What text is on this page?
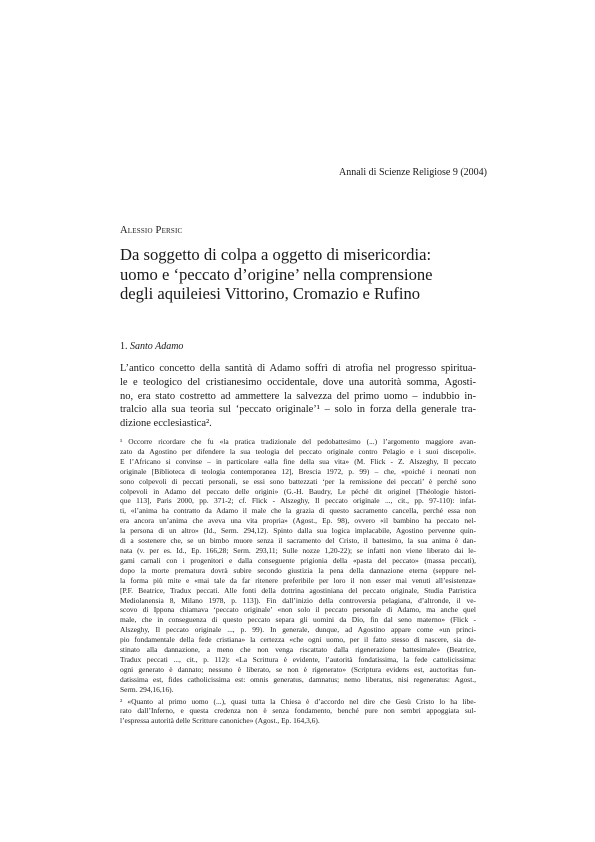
Annali di Scienze Religiose 9 (2004)
Alessio Persic
Da soggetto di colpa a oggetto di misericordia:
uomo e ‘peccato d’origine’ nella comprensione
degli aquileiesi Vittorino, Cromazio e Rufino
1. Santo Adamo
L’antico concetto della santità di Adamo soffrì di atrofia nel progresso spiritua-
le e teologico del cristianesimo occidentale, dove una autorità somma, Agosti-
no, era stato costretto ad ammettere la salvezza del primo uomo – indubbio in-
tralcio alla sua teoria sul ‘peccato originale’¹ – solo in forza della generale tra-
dizione ecclesiastica².
¹ Occorre ricordare che fu «la pratica tradizionale del pedobattesimo (...) l’argomento maggiore avan-
zato da Agostino per difendere la sua teologia del peccato originale contro Pelagio e i suoi discepoli».
E l’Africano si convinse – in particolare «alla fine della sua vita» (M. Flick - Z. Alszeghy, Il peccato
originale [Biblioteca di teologia contemporanea 12], Brescia 1972, p. 99) – che, «poiché i neonati non
sono colpevoli di peccati personali, se essi sono battezzati ‘per la remissione dei peccati’ è perché sono
colpevoli in Adamo del peccato delle origini» (G.-H. Baudry, Le péché dit originel [Théologie histori-
que 113], Paris 2000, pp. 371-2; cf. Flick - Alszeghy, Il peccato originale ..., cit., pp. 97-110): infat-
ti, «l’anima ha contratto da Adamo il male che la grazia di questo sacramento cancella, perché essa non
era ancora un’anima che aveva una vita propria» (Agost., Ep. 98), ovvero «il bambino ha peccato nel-
la persona di un altro» (Id., Serm. 294,12). Spinto dalla sua logica implacabile, Agostino pervenne quin-
di a sostenere che, se un bimbo muore senza il sacramento del Cristo, il battesimo, la sua anima è dan-
nata (v. per es. Id., Ep. 166,28; Serm. 293,11; Sulle nozze 1,20-22); se infatti non viene liberato dai le-
gami carnali con i progenitori e dalla conseguente prigionia della «pasta del peccato» (massa peccati),
dopo la morte prematura dovrà subire secondo giustizia la pena della dannazione eterna (seppure nel-
la forma più mite e «mai tale da far ritenere preferibile per loro il non esser mai venuti all’esistenza»
[P.F. Beatrice, Tradux peccati. Alle fonti della dottrina agostiniana del peccato originale, Studia Patristica
Mediolanensia 8, Milano 1978, p. 113]). Fin dall’inizio della controversia pelagiana, d’altronde, il ve-
scovo di Ippona chiamava ‘peccato originale’ «non solo il peccato personale di Adamo, ma anche quel
male, che in conseguenza di questo peccato separa gli uomini da Dio, fin dal seno materno» (Flick -
Alszeghy, Il peccato originale ..., p. 99). In generale, dunque, ad Agostino appare come «un princi-
pio fondamentale della fede cristiana» la certezza «che ogni uomo, per il fatto stesso di nascere, sia de-
stinato alla dannazione, a meno che non venga riscattato dalla rigenerazione battesimale» (Beatrice,
Tradux peccati ..., cit., p. 112): «La Scrittura è evidente, l’autorità fondatissima, la fede cattolicissima:
ogni generato è dannato; nessuno è liberato, se non è rigenerato» (Scriptura evidens est, auctoritas fun-
datissima est, fides catholicissima est: omnis generatus, damnatus; nemo liberatus, nisi regeneratus: Agost.,
Serm. 294,16,16).
² «Quanto al primo uomo (...), quasi tutta la Chiesa è d’accordo nel dire che Gesù Cristo lo ha libe-
rato dall’Inferno, e questa credenza non è senza fondamento, benché pure non sembri appoggiata sul-
l’espressa autorità delle Scritture canoniche» (Agost., Ep. 164,3,6).
